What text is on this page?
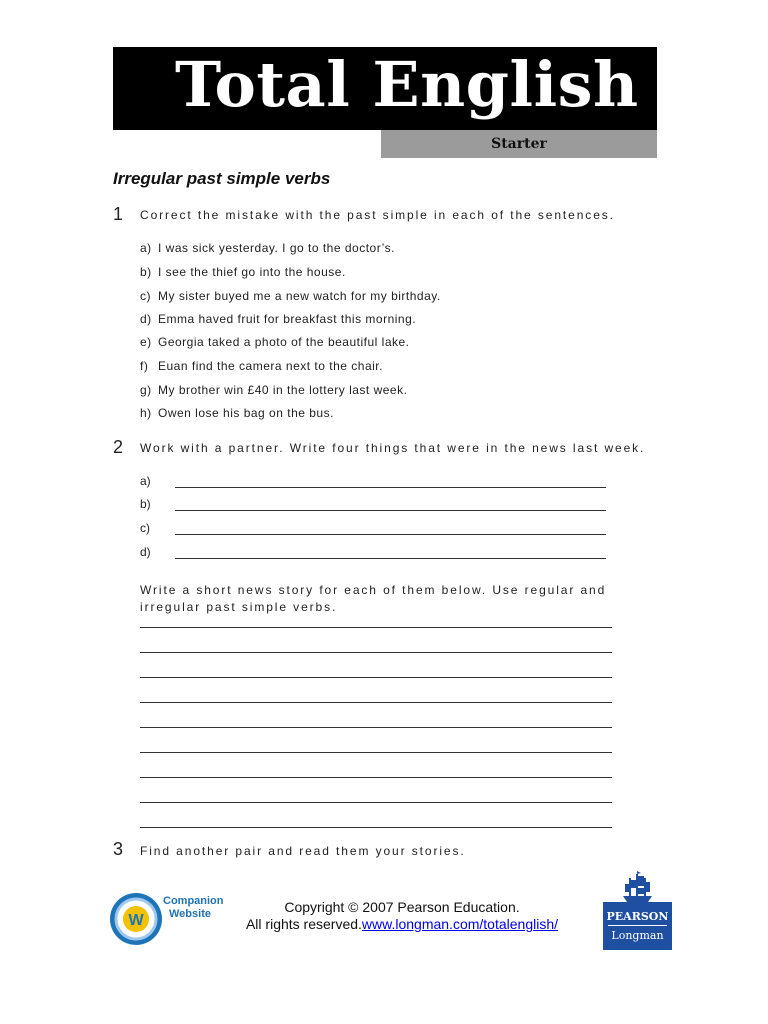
Total English
Starter
Irregular past simple verbs
1 Correct the mistake with the past simple in each of the sentences.
a) I was sick yesterday. I go to the doctor’s.
b) I see the thief go into the house.
c) My sister buyed me a new watch for my birthday.
d) Emma haved fruit for breakfast this morning.
e) Georgia taked a photo of the beautiful lake.
f) Euan find the camera next to the chair.
g) My brother win £40 in the lottery last week.
h) Owen lose his bag on the bus.
2 Work with a partner. Write four things that were in the news last week.
a)
b)
c)
d)
Write a short news story for each of them below. Use regular and irregular past simple verbs.
3 Find another pair and read them your stories.
W
Companion
Website	Copyright © 2007 Pearson Education.
All rights reserved.www.longman.com/totalenglish/	PEARSON
Longman
